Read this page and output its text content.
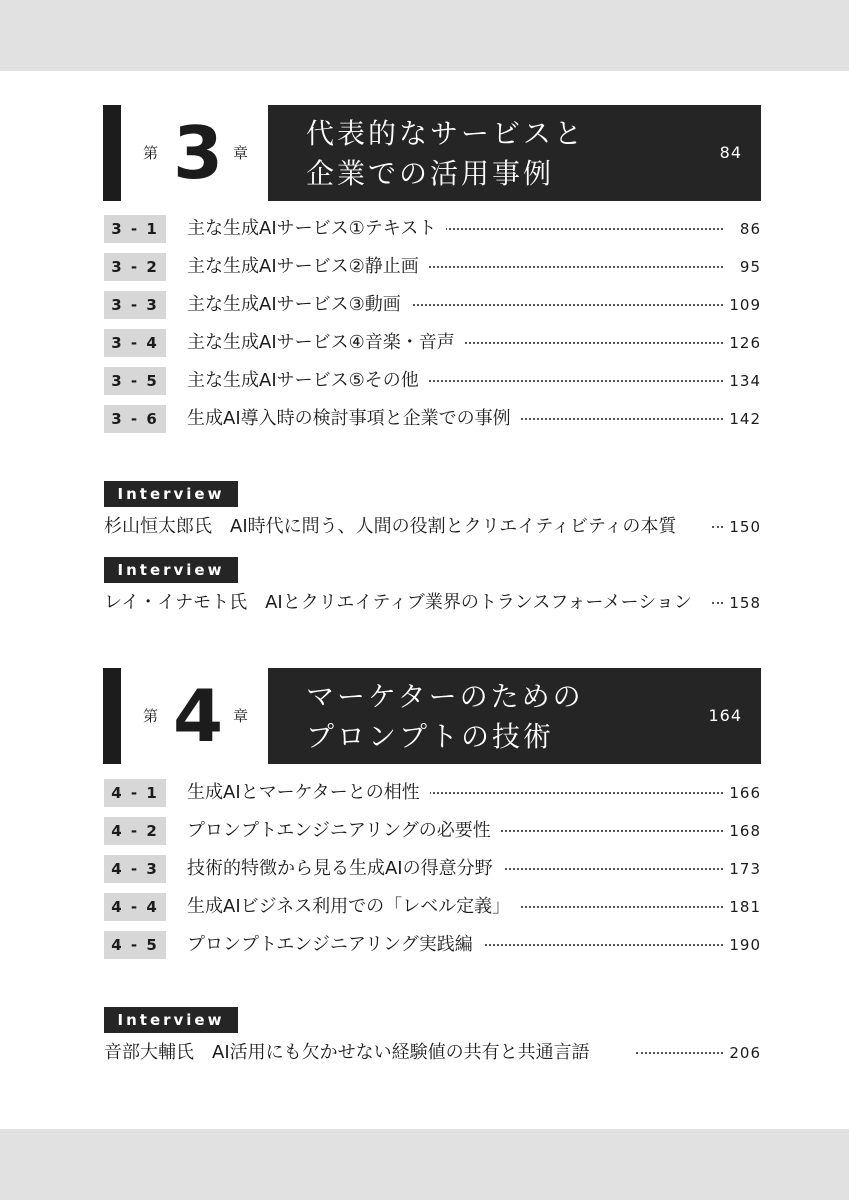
第 3 章
代表的なサービスと
企業での活用事例
84
3 - 1	主な生成AIサービス①テキスト	86
3 - 2	主な生成AIサービス②静止画	95
3 - 3	主な生成AIサービス③動画	109
3 - 4	主な生成AIサービス④音楽・音声	126
3 - 5	主な生成AIサービス⑤その他	134
3 - 6	生成AI導入時の検討事項と企業での事例	142
Interview
杉山恒太郎氏　AI時代に問う、人間の役割とクリエイティビティの本質	150
Interview
レイ・イナモト氏　AIとクリエイティブ業界のトランスフォーメーション	158
第 4 章
マーケターのための
プロンプトの技術
164
4 - 1	生成AIとマーケターとの相性	166
4 - 2	プロンプトエンジニアリングの必要性	168
4 - 3	技術的特徴から見る生成AIの得意分野	173
4 - 4	生成AIビジネス利用での「レベル定義」	181
4 - 5	プロンプトエンジニアリング実践編	190
Interview
音部大輔氏　AI活用にも欠かせない経験値の共有と共通言語	206
